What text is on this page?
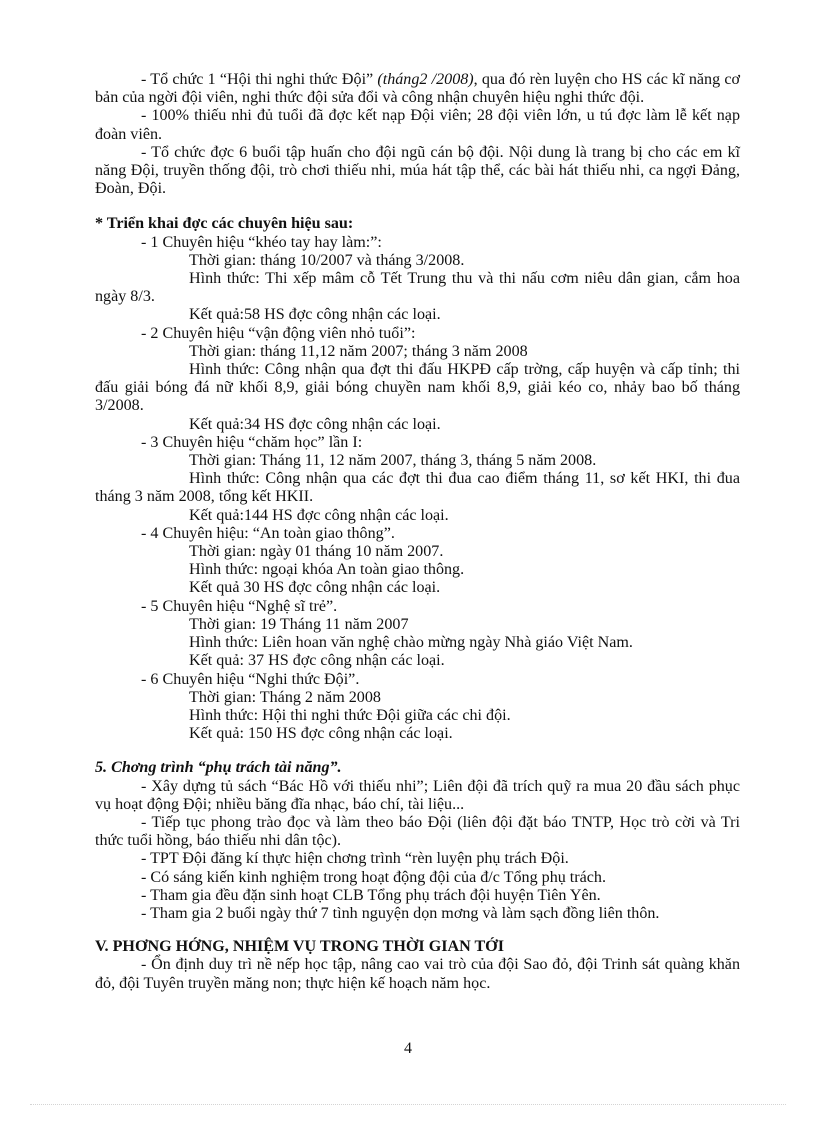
- Tổ chức 1 “Hội thi nghi thức Đội” (tháng2 /2008), qua đó rèn luyện cho HS các kĩ năng cơ bản của ngời đội viên, nghi thức đội sửa đổi và công nhận chuyên hiệu nghi thức đội.

- 100% thiếu nhi đủ tuổi đã đợc kết nạp Đội viên; 28 đội viên lớn, u tú đợc làm lễ kết nạp đoàn viên.

- Tổ chức đợc 6 buổi tập huấn cho đội ngũ cán bộ đội. Nội dung là trang bị cho các em kĩ năng Đội, truyền thống đội, trò chơi thiếu nhi, múa hát tập thể, các bài hát thiếu nhi, ca ngợi Đảng, Đoàn, Đội.

* Triển khai đợc các chuyên hiệu sau:

- 1 Chuyên hiệu “khéo tay hay làm:”:

Thời gian: tháng 10/2007 và tháng 3/2008.

Hình thức: Thi xếp mâm cỗ Tết Trung thu và thi nấu cơm niêu dân gian, cắm hoa ngày 8/3.

Kết quả:58 HS đợc công nhận các loại.

- 2 Chuyên hiệu “vận động viên nhỏ tuổi”:

Thời gian: tháng 11,12 năm 2007; tháng 3 năm 2008

Hình thức: Công nhận qua đợt thi đấu HKPĐ cấp trờng, cấp huyện và cấp tỉnh; thi đấu giải bóng đá nữ khối 8,9, giải bóng chuyền nam khối 8,9, giải kéo co, nhảy bao bố tháng 3/2008.

Kết quả:34 HS đợc công nhận các loại.

- 3 Chuyên hiệu “chăm học” lần I:

Thời gian: Tháng 11, 12 năm 2007, tháng 3, tháng 5 năm 2008.

Hình thức: Công nhận qua các đợt thi đua cao điểm tháng 11, sơ kết HKI, thi đua tháng 3 năm 2008, tổng kết HKII.

Kết quả:144 HS đợc công nhận các loại.

- 4 Chuyên hiệu: “An toàn giao thông”.

Thời gian: ngày 01 tháng 10 năm 2007.

Hình thức: ngoại khóa An toàn giao thông.

Kết quả 30 HS đợc công nhận các loại.

- 5 Chuyên hiệu “Nghệ sĩ trẻ”.

Thời gian: 19 Tháng 11 năm 2007

Hình thức: Liên hoan văn nghệ chào mừng ngày Nhà giáo Việt Nam.

Kết quả: 37 HS đợc công nhận các loại.

- 6 Chuyên hiệu “Nghi thức Đội”.

Thời gian: Tháng 2 năm 2008

Hình thức: Hội thi nghi thức Đội giữa các chi đội.

Kết quả: 150 HS đợc công nhận các loại.

5. Chơng trình “phụ trách tài năng”.

- Xây dựng tủ sách “Bác Hồ với thiếu nhi”; Liên đội đã trích quỹ ra mua 20 đầu sách phục vụ hoạt động Đội; nhiều băng đĩa nhạc, báo chí, tài liệu...

- Tiếp tục phong trào đọc và làm theo báo Đội (liên đội đặt báo TNTP, Học trò cời và Tri thức tuổi hồng, báo thiếu nhi dân tộc).

- TPT Đội đăng kí thực hiện chơng trình “rèn luyện phụ trách Đội.

- Có sáng kiến kinh nghiệm trong hoạt động đội của đ/c Tổng phụ trách.

- Tham gia đều đặn sinh hoạt CLB Tổng phụ trách đội huyện Tiên Yên.

- Tham gia 2 buổi ngày thứ 7 tình nguyện dọn mơng và làm sạch đồng liên thôn.

V. PHƠNG HỚNG, NHIỆM VỤ TRONG THỜI GIAN TỚI

- Ổn định duy trì nề nếp học tập, nâng cao vai trò của đội Sao đỏ, đội Trinh sát quàng khăn đỏ, đội Tuyên truyền măng non; thực hiện kế hoạch năm học.

4
